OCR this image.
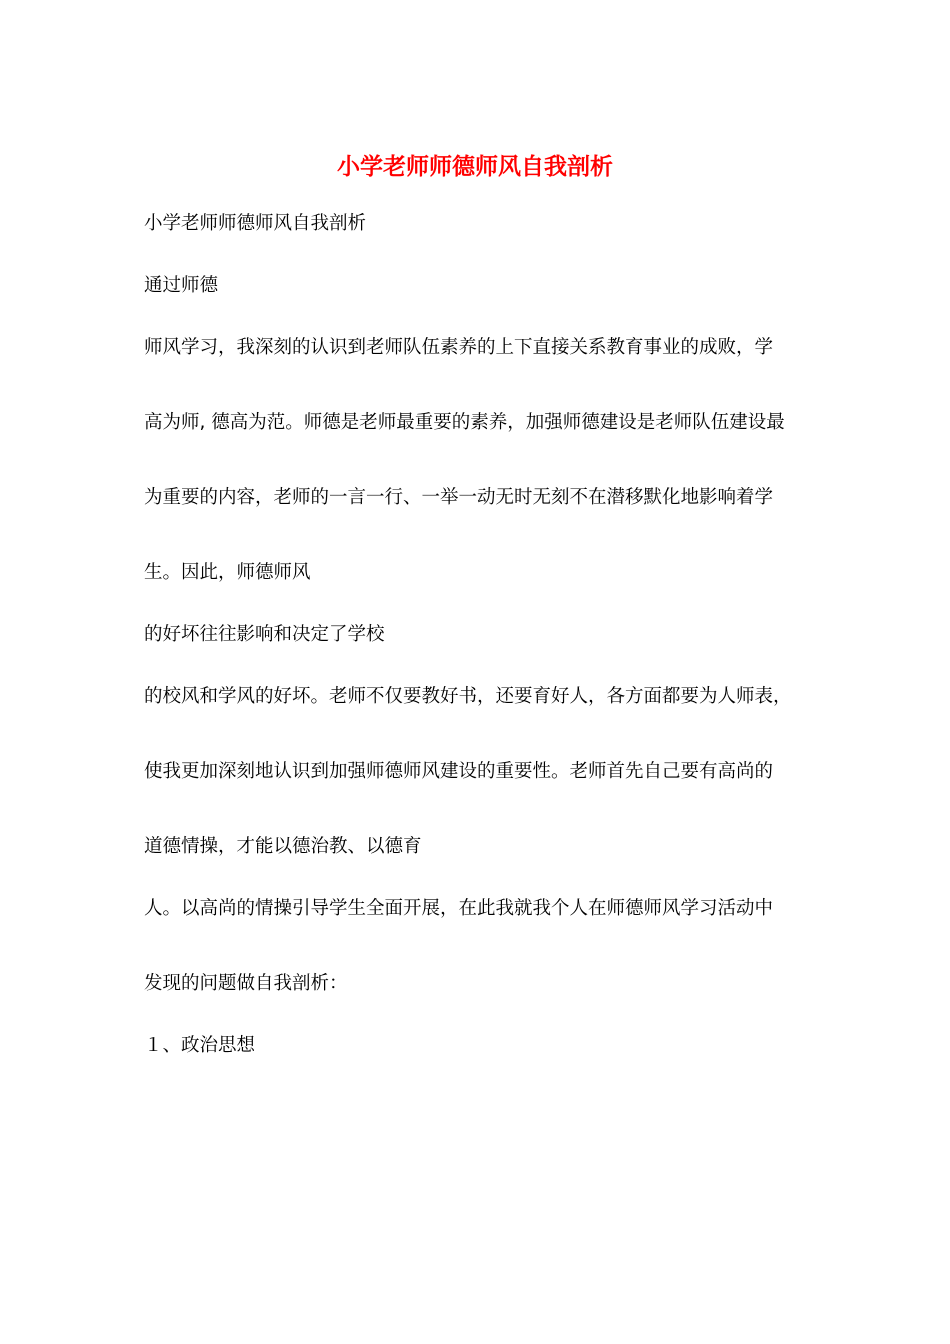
小学老师师德师风自我剖析
小学老师师德师风自我剖析
通过师德
师风学习，我深刻的认识到老师队伍素养的上下直接关系教育事业的成败，学
高为师, 德高为范。师德是老师最重要的素养，加强师德建设是老师队伍建设最
为重要的内容，老师的一言一行、一举一动无时无刻不在潜移默化地影响着学
生。因此，师德师风
的好坏往往影响和决定了学校
的校风和学风的好坏。老师不仅要教好书，还要育好人，各方面都要为人师表，
使我更加深刻地认识到加强师德师风建设的重要性。老师首先自己要有高尚的
道德情操，才能以德治教、以德育
人。以高尚的情操引导学生全面开展，在此我就我个人在师德师风学习活动中
发现的问题做自我剖析：
１、政治思想
